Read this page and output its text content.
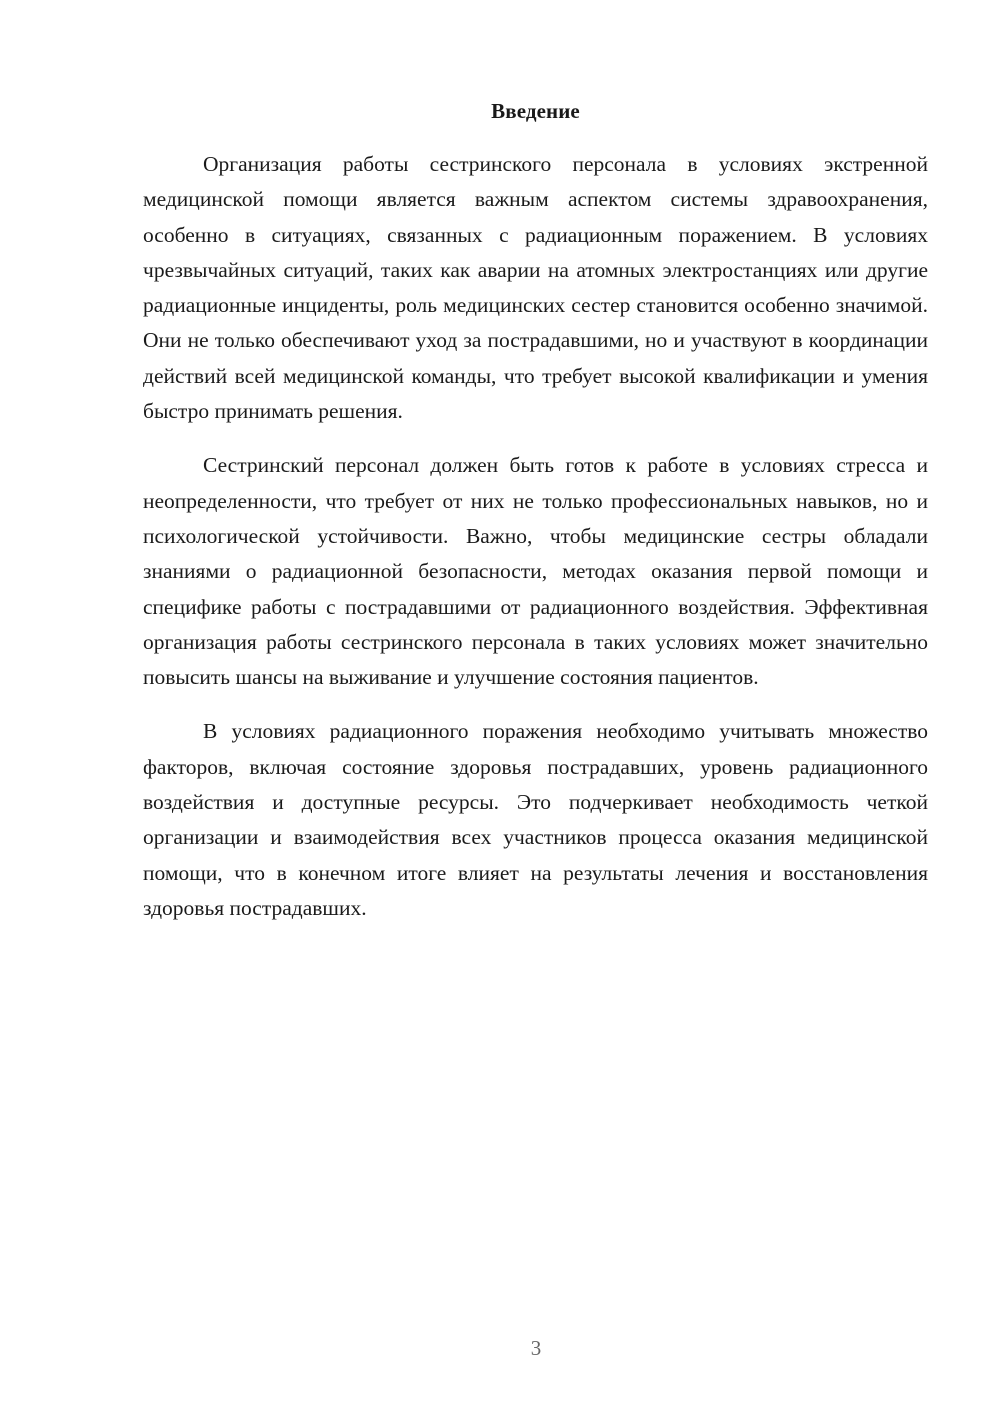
Введение

Организация работы сестринского персонала в условиях экстренной медицинской помощи является важным аспектом системы здравоохранения, особенно в ситуациях, связанных с радиационным поражением. В условиях чрезвычайных ситуаций, таких как аварии на атомных электростанциях или другие радиационные инциденты, роль медицинских сестер становится особенно значимой. Они не только обеспечивают уход за пострадавшими, но и участвуют в координации действий всей медицинской команды, что требует высокой квалификации и умения быстро принимать решения.

Сестринский персонал должен быть готов к работе в условиях стресса и неопределенности, что требует от них не только профессиональных навыков, но и психологической устойчивости. Важно, чтобы медицинские сестры обладали знаниями о радиационной безопасности, методах оказания первой помощи и специфике работы с пострадавшими от радиационного воздействия. Эффективная организация работы сестринского персонала в таких условиях может значительно повысить шансы на выживание и улучшение состояния пациентов.

В условиях радиационного поражения необходимо учитывать множество факторов, включая состояние здоровья пострадавших, уровень радиационного воздействия и доступные ресурсы. Это подчеркивает необходимость четкой организации и взаимодействия всех участников процесса оказания медицинской помощи, что в конечном итоге влияет на результаты лечения и восстановления здоровья пострадавших.

3
